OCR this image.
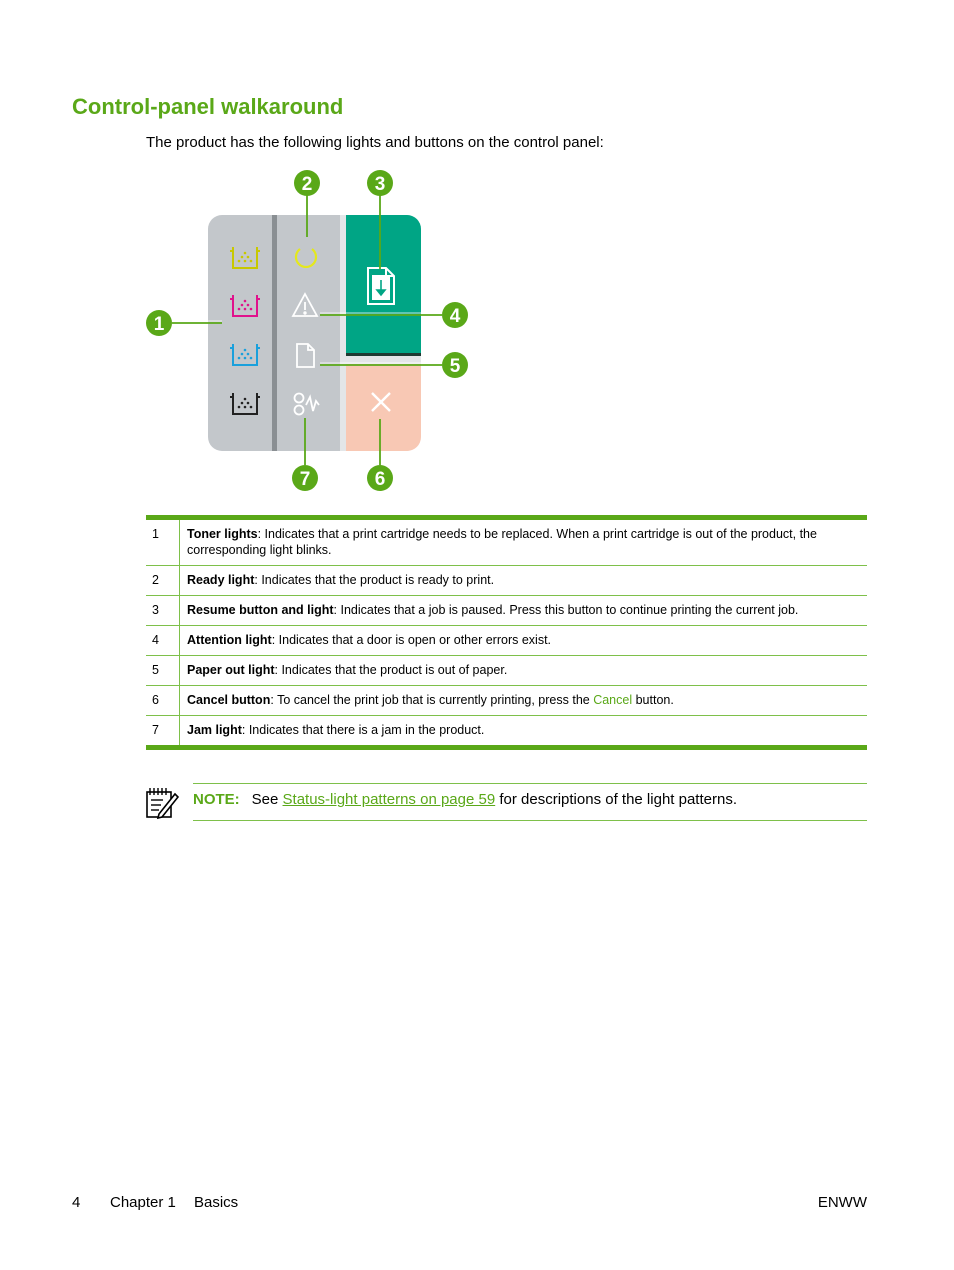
Control-panel walkaround

The product has the following lights and buttons on the control panel:

1
2	3
4
5
6
7
1	Toner lights: Indicates that a print cartridge needs to be replaced. When a print cartridge is out of the product, the corresponding light blinks.
2	Ready light: Indicates that the product is ready to print.
3	Resume button and light: Indicates that a job is paused. Press this button to continue printing the current job.
4	Attention light: Indicates that a door is open or other errors exist.
5	Paper out light: Indicates that the product is out of paper.
6	Cancel button: To cancel the print job that is currently printing, press the Cancel button.
7	Jam light: Indicates that there is a jam in the product.
NOTE: See Status-light patterns on page 59 for descriptions of the light patterns.
4 Chapter 1 Basics	ENWW
